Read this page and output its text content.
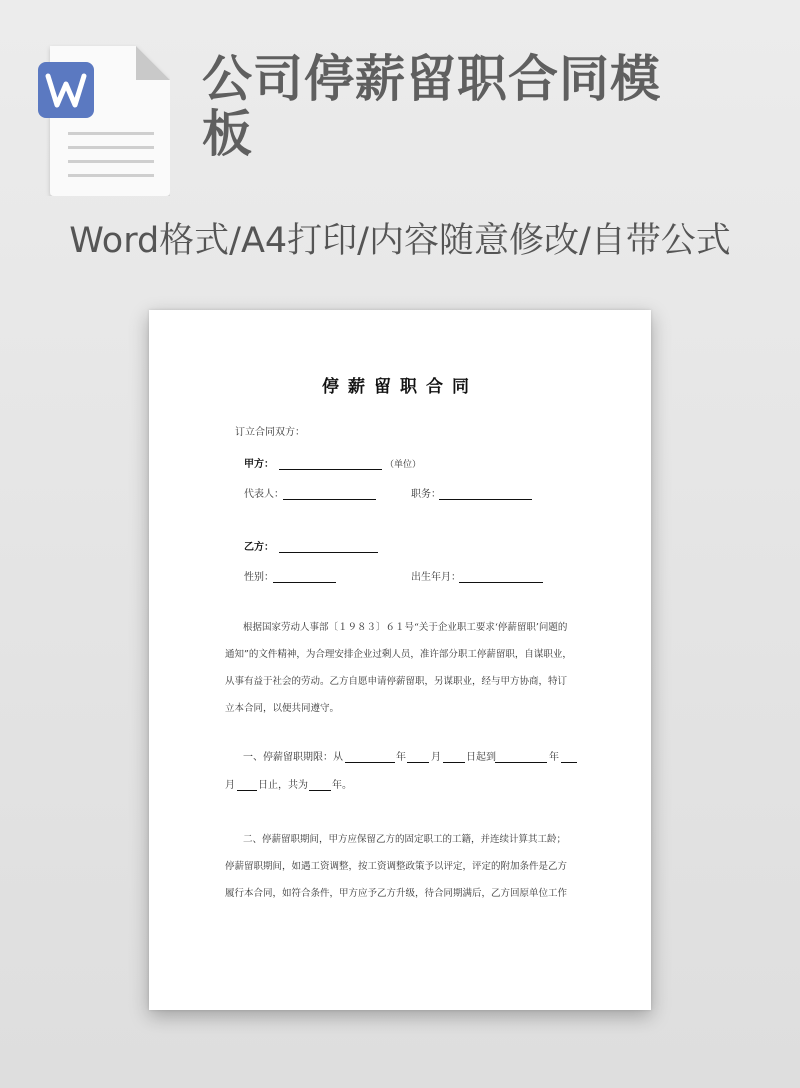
公司停薪留职合同模板

Word格式/A4打印/内容随意修改/自带公式

停薪留职合同
订立合同双方：
甲方：	（单位）
代表人：	职务：
乙方：
性别：	出生年月：

根据国家劳动人事部〔１９８３〕６１号“关于企业职工要求‘停薪留职’问题的

通知”的文件精神，为合理安排企业过剩人员，准许部分职工停薪留职，自谋职业，

从事有益于社会的劳动。乙方自愿申请停薪留职，另谋职业，经与甲方协商，特订

立本合同，以便共同遵守。

一、停薪留职期限：从	年	月	日起到	年
月 日止，共为 年。

二、停薪留职期间，甲方应保留乙方的固定职工的工籍，并连续计算其工龄；

停薪留职期间，如遇工资调整，按工资调整政策予以评定，评定的附加条件是乙方

履行本合同，如符合条件，甲方应予乙方升级，待合同期满后，乙方回原单位工作
